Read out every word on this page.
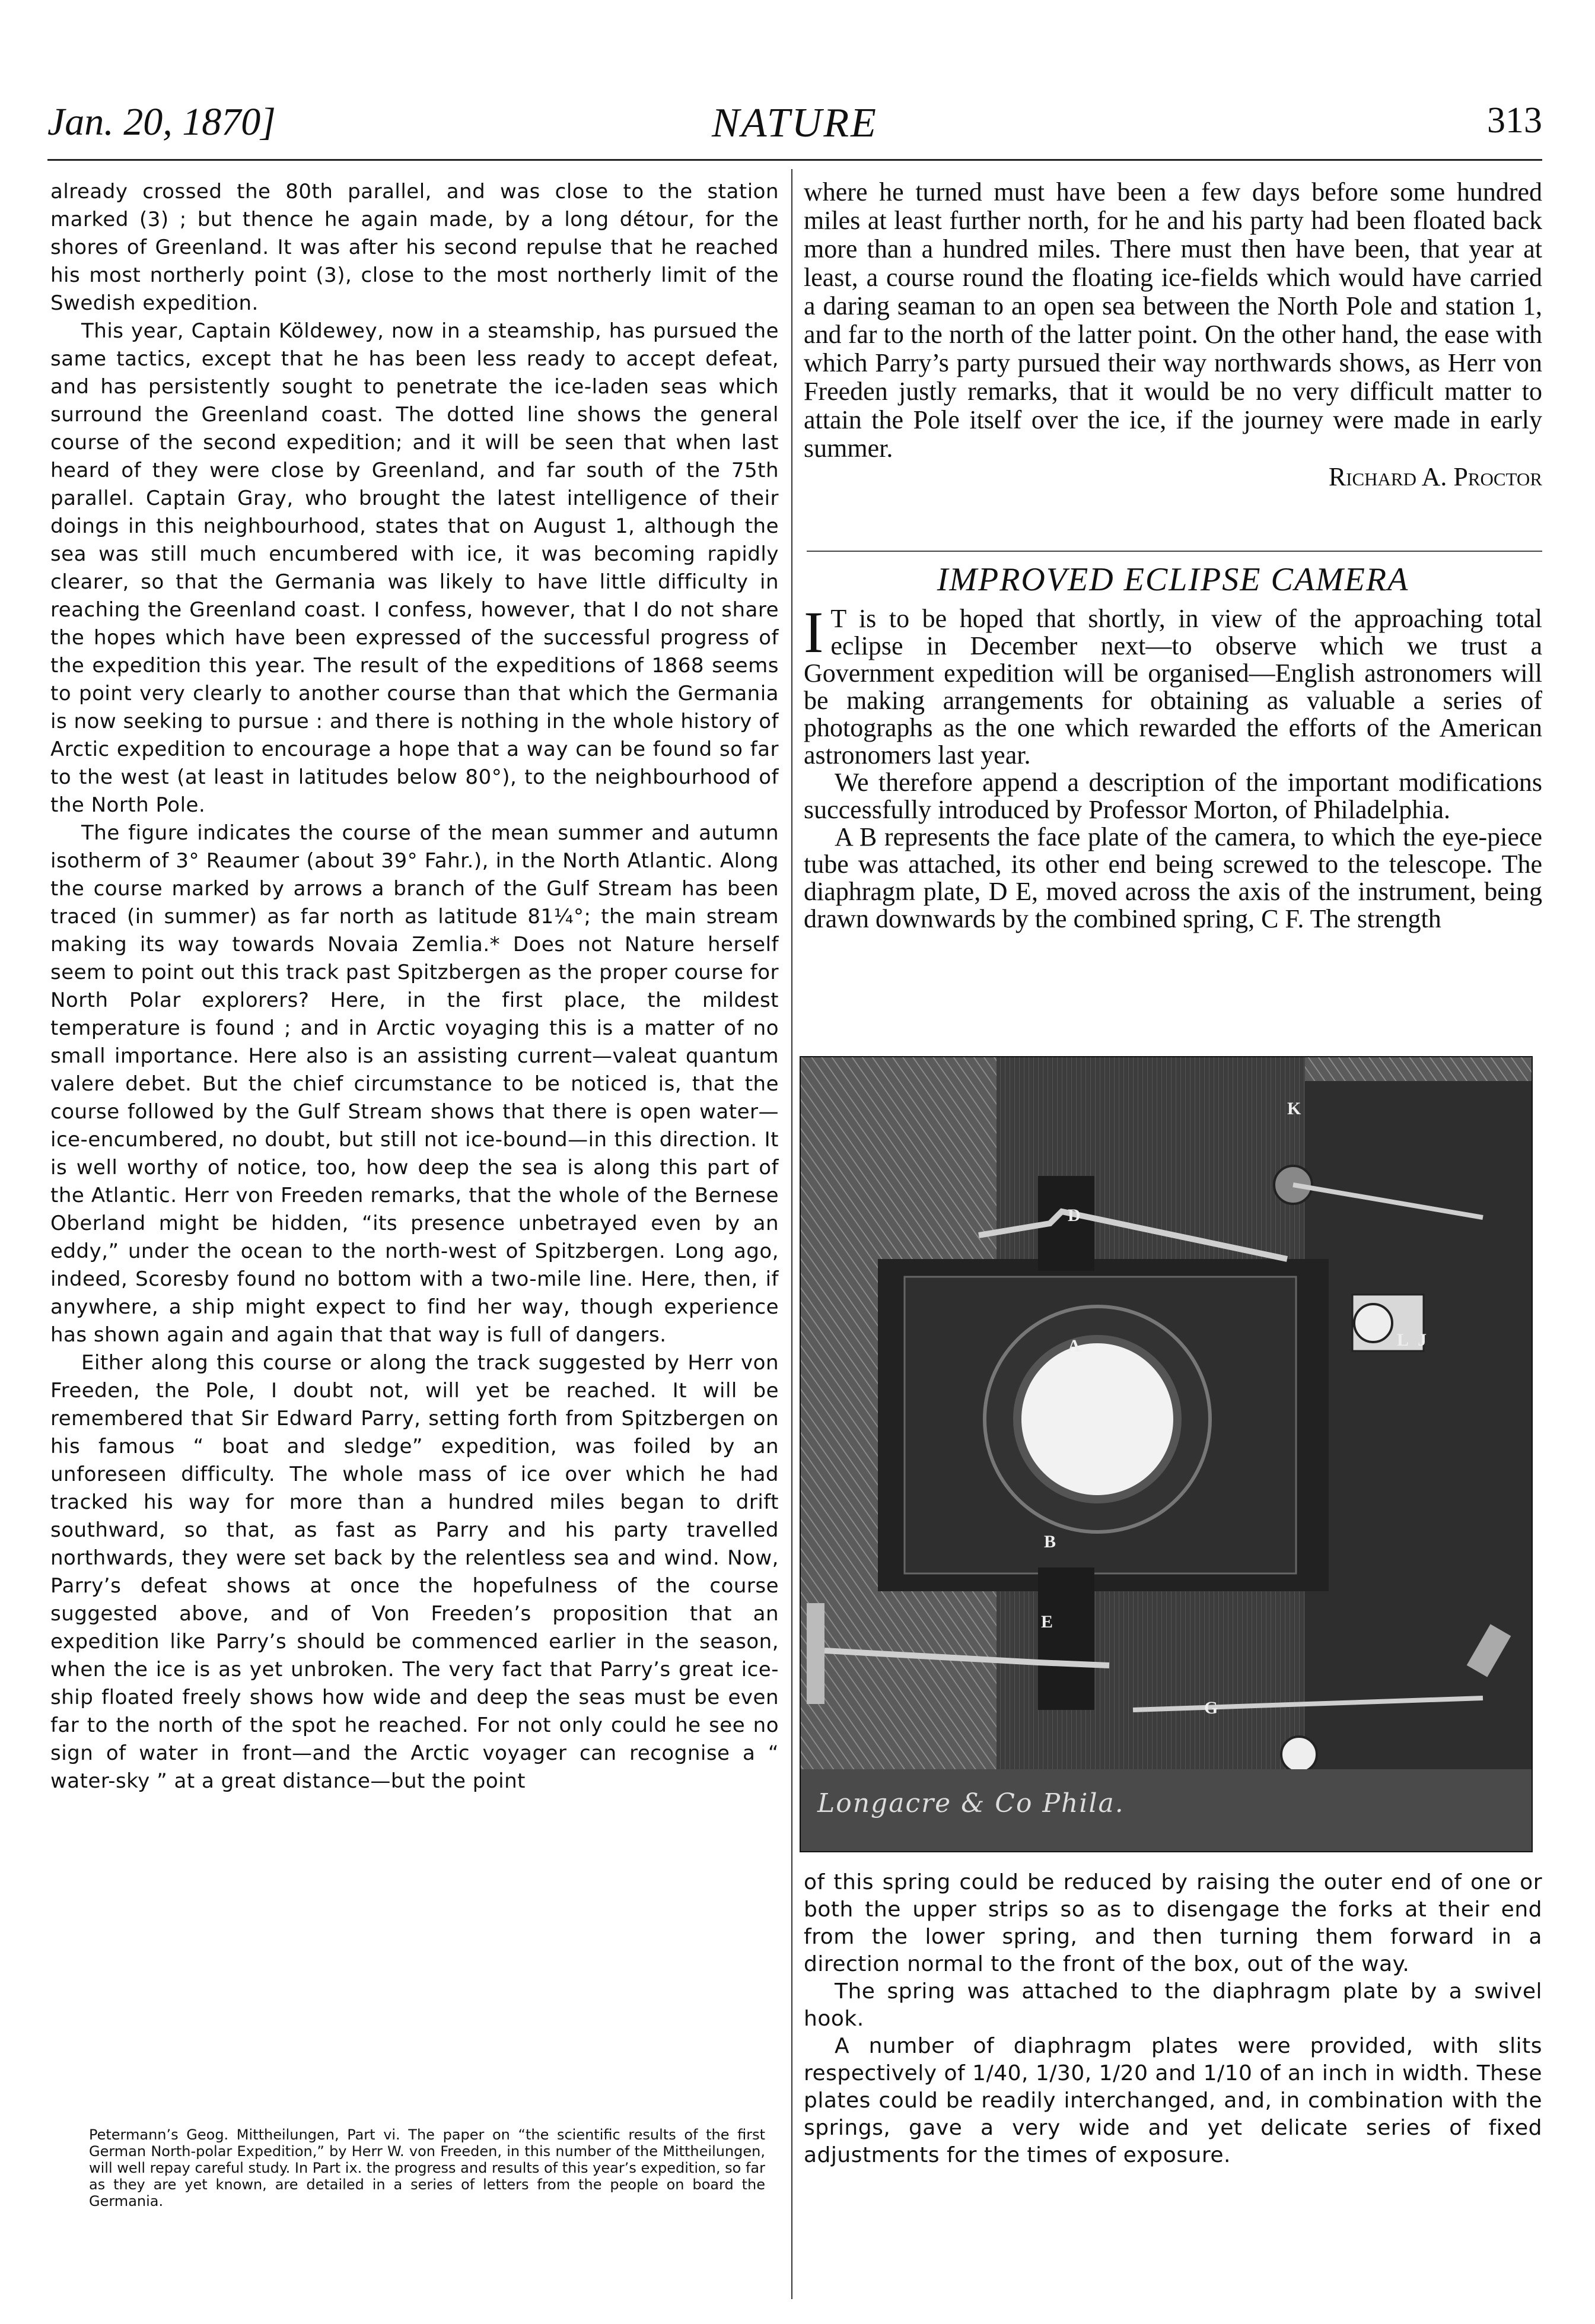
Jan. 20, 1870]	NATURE	313

already crossed the 80th parallel, and was close to the station marked (3) ; but thence he again made, by a long détour, for the shores of Greenland. It was after his second repulse that he reached his most northerly point (3), close to the most northerly limit of the Swedish expedition.

This year, Captain Köldewey, now in a steamship, has pursued the same tactics, except that he has been less ready to accept defeat, and has persistently sought to penetrate the ice-laden seas which surround the Greenland coast. The dotted line shows the general course of the second expedition; and it will be seen that when last heard of they were close by Greenland, and far south of the 75th parallel. Captain Gray, who brought the latest intelligence of their doings in this neighbourhood, states that on August 1, although the sea was still much encumbered with ice, it was becoming rapidly clearer, so that the Germania was likely to have little difficulty in reaching the Greenland coast. I confess, however, that I do not share the hopes which have been expressed of the successful progress of the expedition this year. The result of the expeditions of 1868 seems to point very clearly to another course than that which the Germania is now seeking to pursue : and there is nothing in the whole history of Arctic expedition to encourage a hope that a way can be found so far to the west (at least in latitudes below 80°), to the neighbourhood of the North Pole.

The figure indicates the course of the mean summer and autumn isotherm of 3° Reaumer (about 39° Fahr.), in the North Atlantic. Along the course marked by arrows a branch of the Gulf Stream has been traced (in summer) as far north as latitude 81¼°; the main stream making its way towards Novaia Zemlia.* Does not Nature herself seem to point out this track past Spitzbergen as the proper course for North Polar explorers? Here, in the first place, the mildest temperature is found ; and in Arctic voyaging this is a matter of no small importance. Here also is an assisting current—valeat quantum valere debet. But the chief circumstance to be noticed is, that the course followed by the Gulf Stream shows that there is open water—ice-encumbered, no doubt, but still not ice-bound—in this direction. It is well worthy of notice, too, how deep the sea is along this part of the Atlantic. Herr von Freeden remarks, that the whole of the Bernese Oberland might be hidden, “its presence unbetrayed even by an eddy,” under the ocean to the north-west of Spitzbergen. Long ago, indeed, Scoresby found no bottom with a two-mile line. Here, then, if anywhere, a ship might expect to find her way, though experience has shown again and again that that way is full of dangers.

Either along this course or along the track suggested by Herr von Freeden, the Pole, I doubt not, will yet be reached. It will be remembered that Sir Edward Parry, setting forth from Spitzbergen on his famous “ boat and sledge” expedition, was foiled by an unforeseen difficulty. The whole mass of ice over which he had tracked his way for more than a hundred miles began to drift southward, so that, as fast as Parry and his party travelled northwards, they were set back by the relentless sea and wind. Now, Parry’s defeat shows at once the hopefulness of the course suggested above, and of Von Freeden’s proposition that an expedition like Parry’s should be commenced earlier in the season, when the ice is as yet unbroken. The very fact that Parry’s great ice-ship floated freely shows how wide and deep the seas must be even far to the north of the spot he reached. For not only could he see no sign of water in front—and the Arctic voyager can recognise a “ water-sky ” at a great distance—but the point

Petermann’s Geog. Mittheilungen, Part vi. The paper on “the scientific results of the first German North-polar Expedition,” by Herr W. von Freeden, in this number of the Mittheilungen, will well repay careful study. In Part ix. the progress and results of this year’s expedition, so far as they are yet known, are detailed in a series of letters from the people on board the Germania.

where he turned must have been a few days before some hundred miles at least further north, for he and his party had been floated back more than a hundred miles. There must then have been, that year at least, a course round the floating ice-fields which would have carried a daring seaman to an open sea between the North Pole and station 1, and far to the north of the latter point. On the other hand, the ease with which Parry’s party pursued their way northwards shows, as Herr von Freeden justly remarks, that it would be no very difficult matter to attain the Pole itself over the ice, if the journey were made in early summer.

Richard A. Proctor

IMPROVED ECLIPSE CAMERA

I T is to be hoped that shortly, in view of the approaching total eclipse in December next—to observe which we trust a Government expedition will be organised—English astronomers will be making arrangements for obtaining as valuable a series of photographs as the one which rewarded the efforts of the American astronomers last year.

We therefore append a description of the important modifications successfully introduced by Professor Morton, of Philadelphia.

A B represents the face plate of the camera, to which the eye-piece tube was attached, its other end being screwed to the telescope. The diaphragm plate, D E, moved across the axis of the instrument, being drawn downwards by the combined spring, C F. The strength

K
D
A	L J
B
E
G
H
Longacre & Co Phila.

of this spring could be reduced by raising the outer end of one or both the upper strips so as to disengage the forks at their end from the lower spring, and then turning them forward in a direction normal to the front of the box, out of the way.

The spring was attached to the diaphragm plate by a swivel hook.

A number of diaphragm plates were provided, with slits respectively of 1/40, 1/30, 1/20 and 1/10 of an inch in width. These plates could be readily interchanged, and, in combination with the springs, gave a very wide and yet delicate series of fixed adjustments for the times of exposure.
